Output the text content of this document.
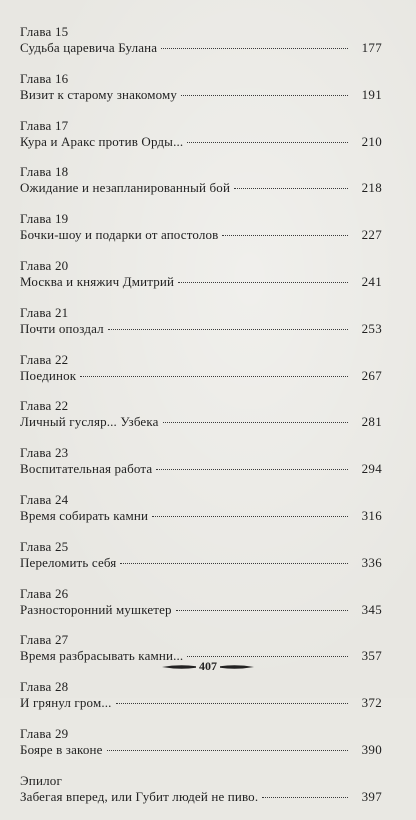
Глава 15
Судьба царевича Булана	177
Глава 16
Визит к старому знакомому	191
Глава 17
Кура и Аракс против Орды...	210
Глава 18
Ожидание и незапланированный бой	218
Глава 19
Бочки-шоу и подарки от апостолов	227
Глава 20
Москва и княжич Дмитрий	241
Глава 21
Почти опоздал	253
Глава 22
Поединок	267
Глава 22
Личный гусляр... Узбека	281
Глава 23
Воспитательная работа	294
Глава 24
Время собирать камни	316
Глава 25
Переломить себя	336
Глава 26
Разносторонний мушкетер	345
Глава 27
Время разбрасывать камни...	357
Глава 28
И грянул гром...	372
Глава 29
Бояре в законе	390
Эпилог
Забегая вперед, или Губит людей не пиво.	397
407
